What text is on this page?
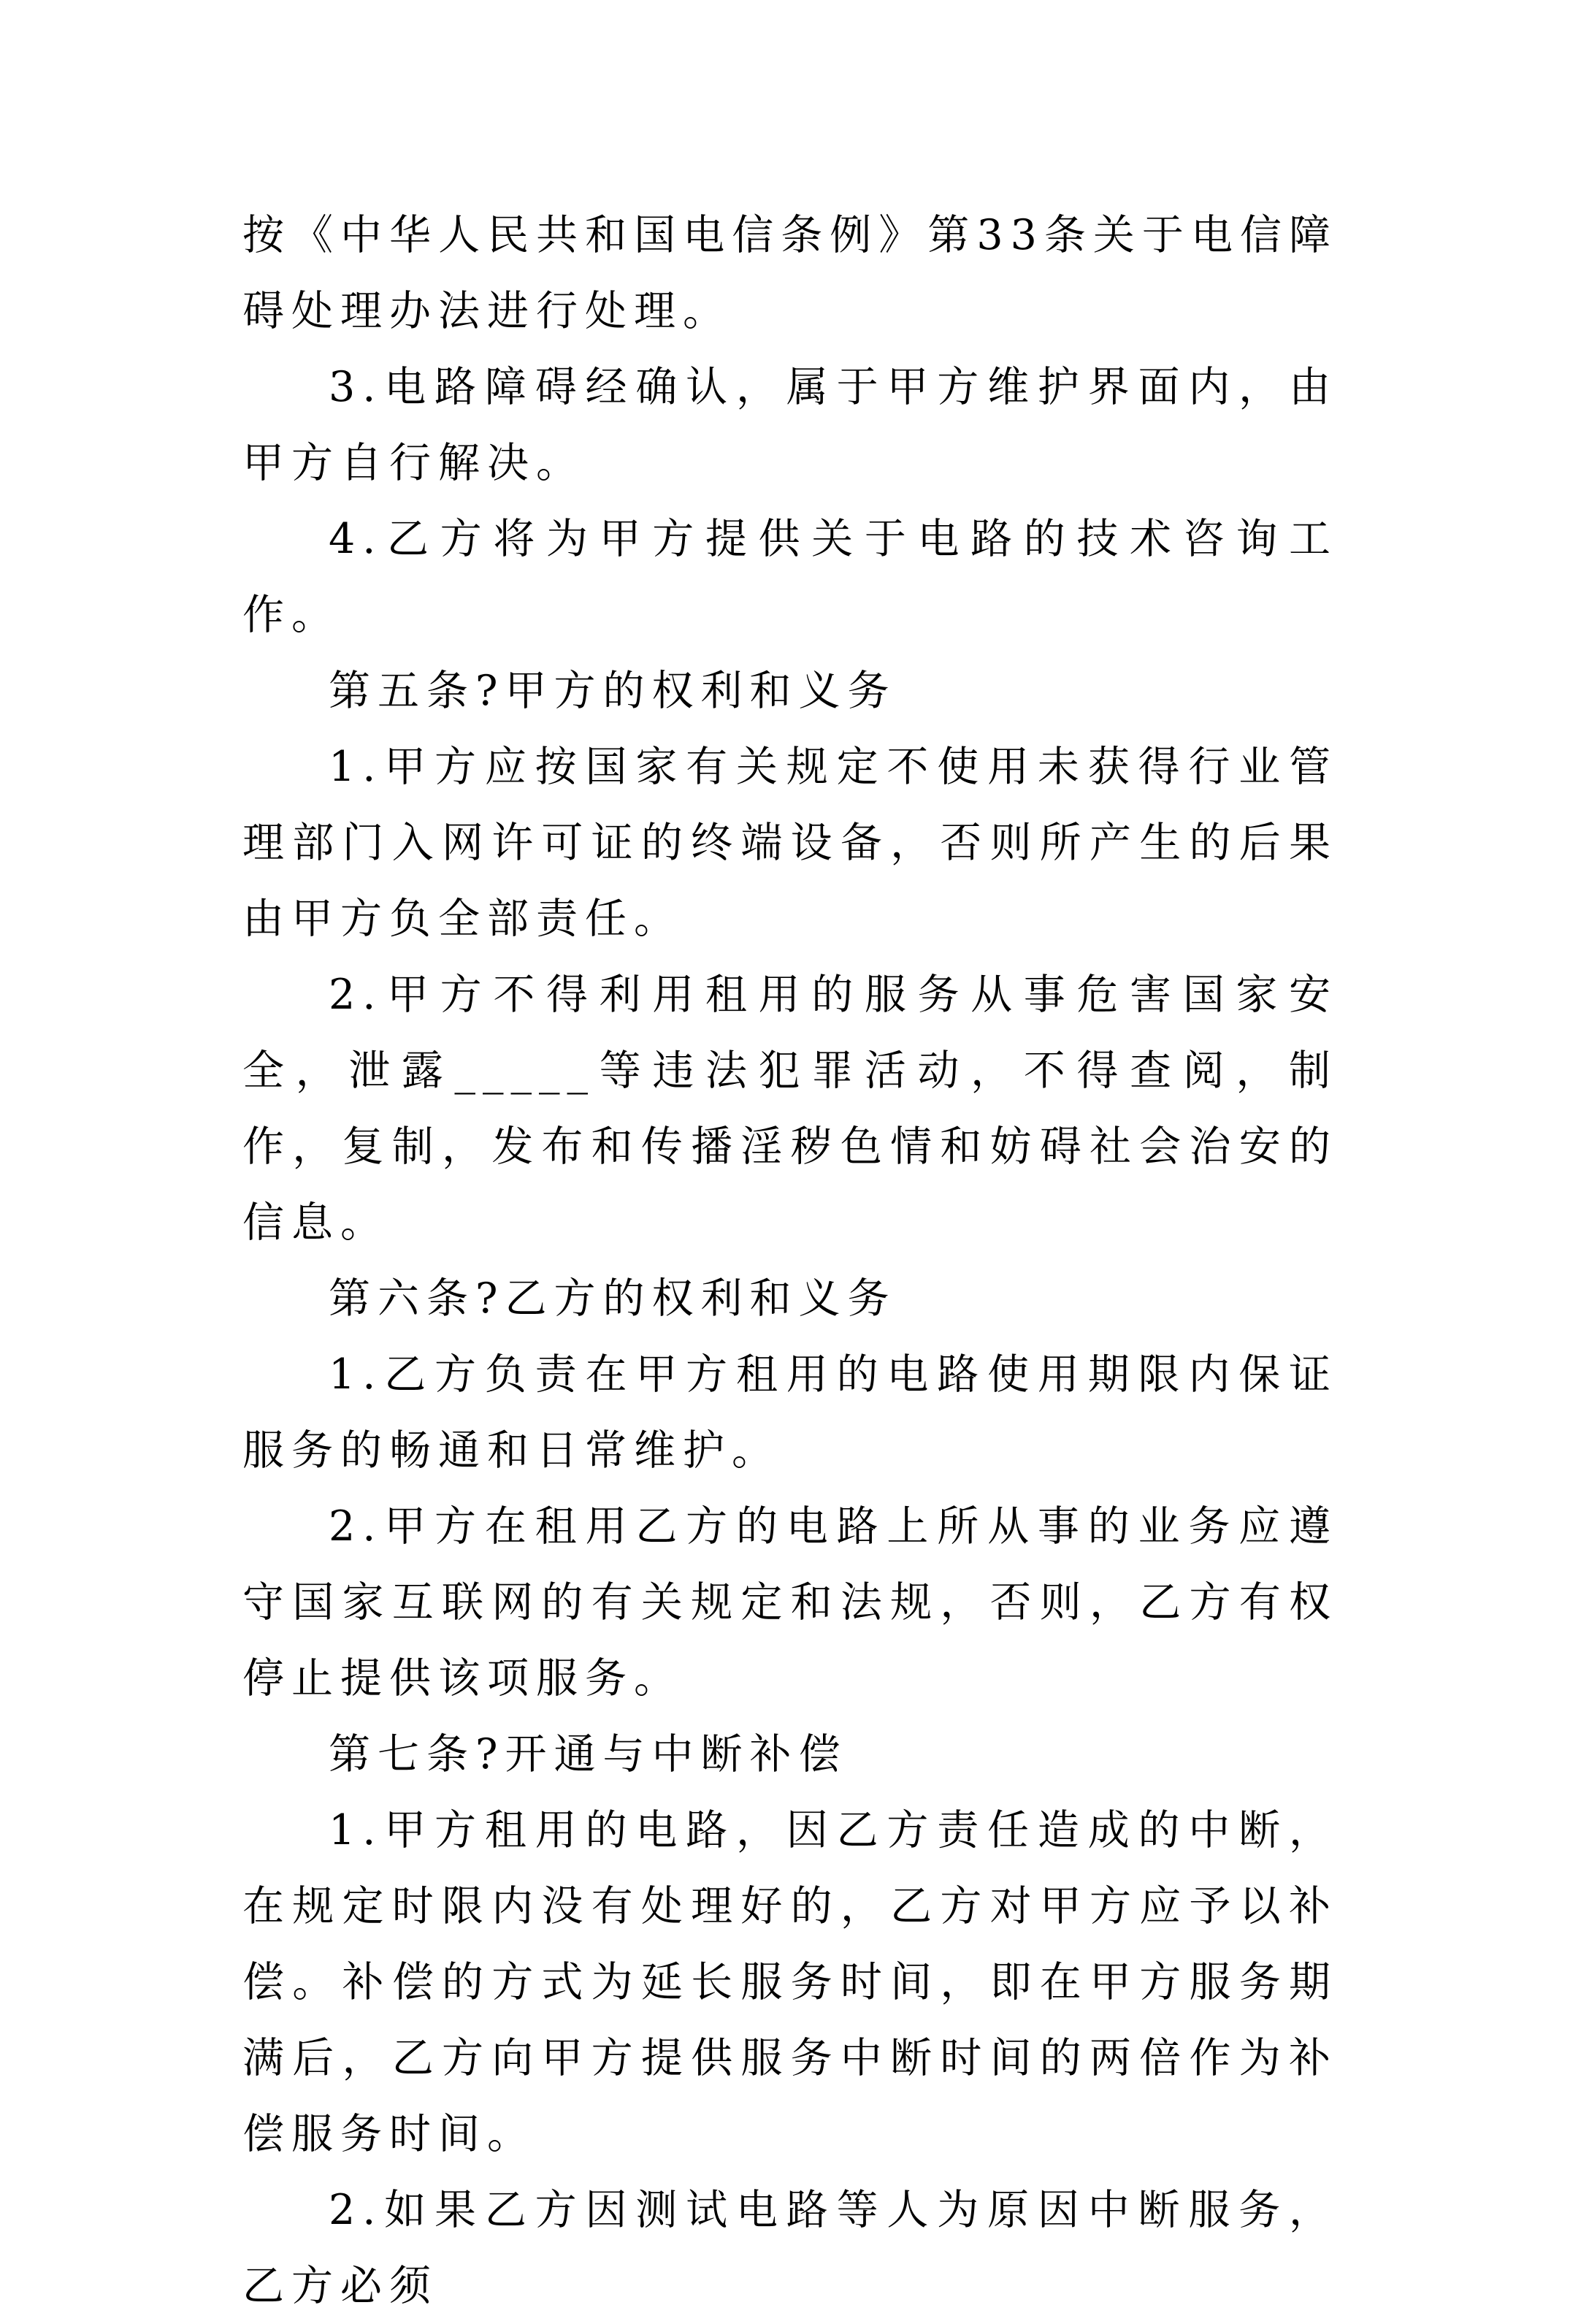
按《中华人民共和国电信条例》第33条关于电信障碍处理办法进行处理。

3.电路障碍经确认，属于甲方维护界面内，由甲方自行解决。

4.乙方将为甲方提供关于电路的技术咨询工作。

第五条?甲方的权利和义务

1.甲方应按国家有关规定不使用未获得行业管理部门入网许可证的终端设备，否则所产生的后果由甲方负全部责任。

2.甲方不得利用租用的服务从事危害国家安全，泄露_____等违法犯罪活动，不得查阅，制作，复制，发布和传播淫秽色情和妨碍社会治安的信息。

第六条?乙方的权利和义务

1.乙方负责在甲方租用的电路使用期限内保证服务的畅通和日常维护。

2.甲方在租用乙方的电路上所从事的业务应遵守国家互联网的有关规定和法规，否则，乙方有权停止提供该项服务。

第七条?开通与中断补偿

1.甲方租用的电路，因乙方责任造成的中断，在规定时限内没有处理好的，乙方对甲方应予以补偿。补偿的方式为延长服务时间，即在甲方服务期满后，乙方向甲方提供服务中断时间的两倍作为补偿服务时间。

2.如果乙方因测试电路等人为原因中断服务，乙方必须
